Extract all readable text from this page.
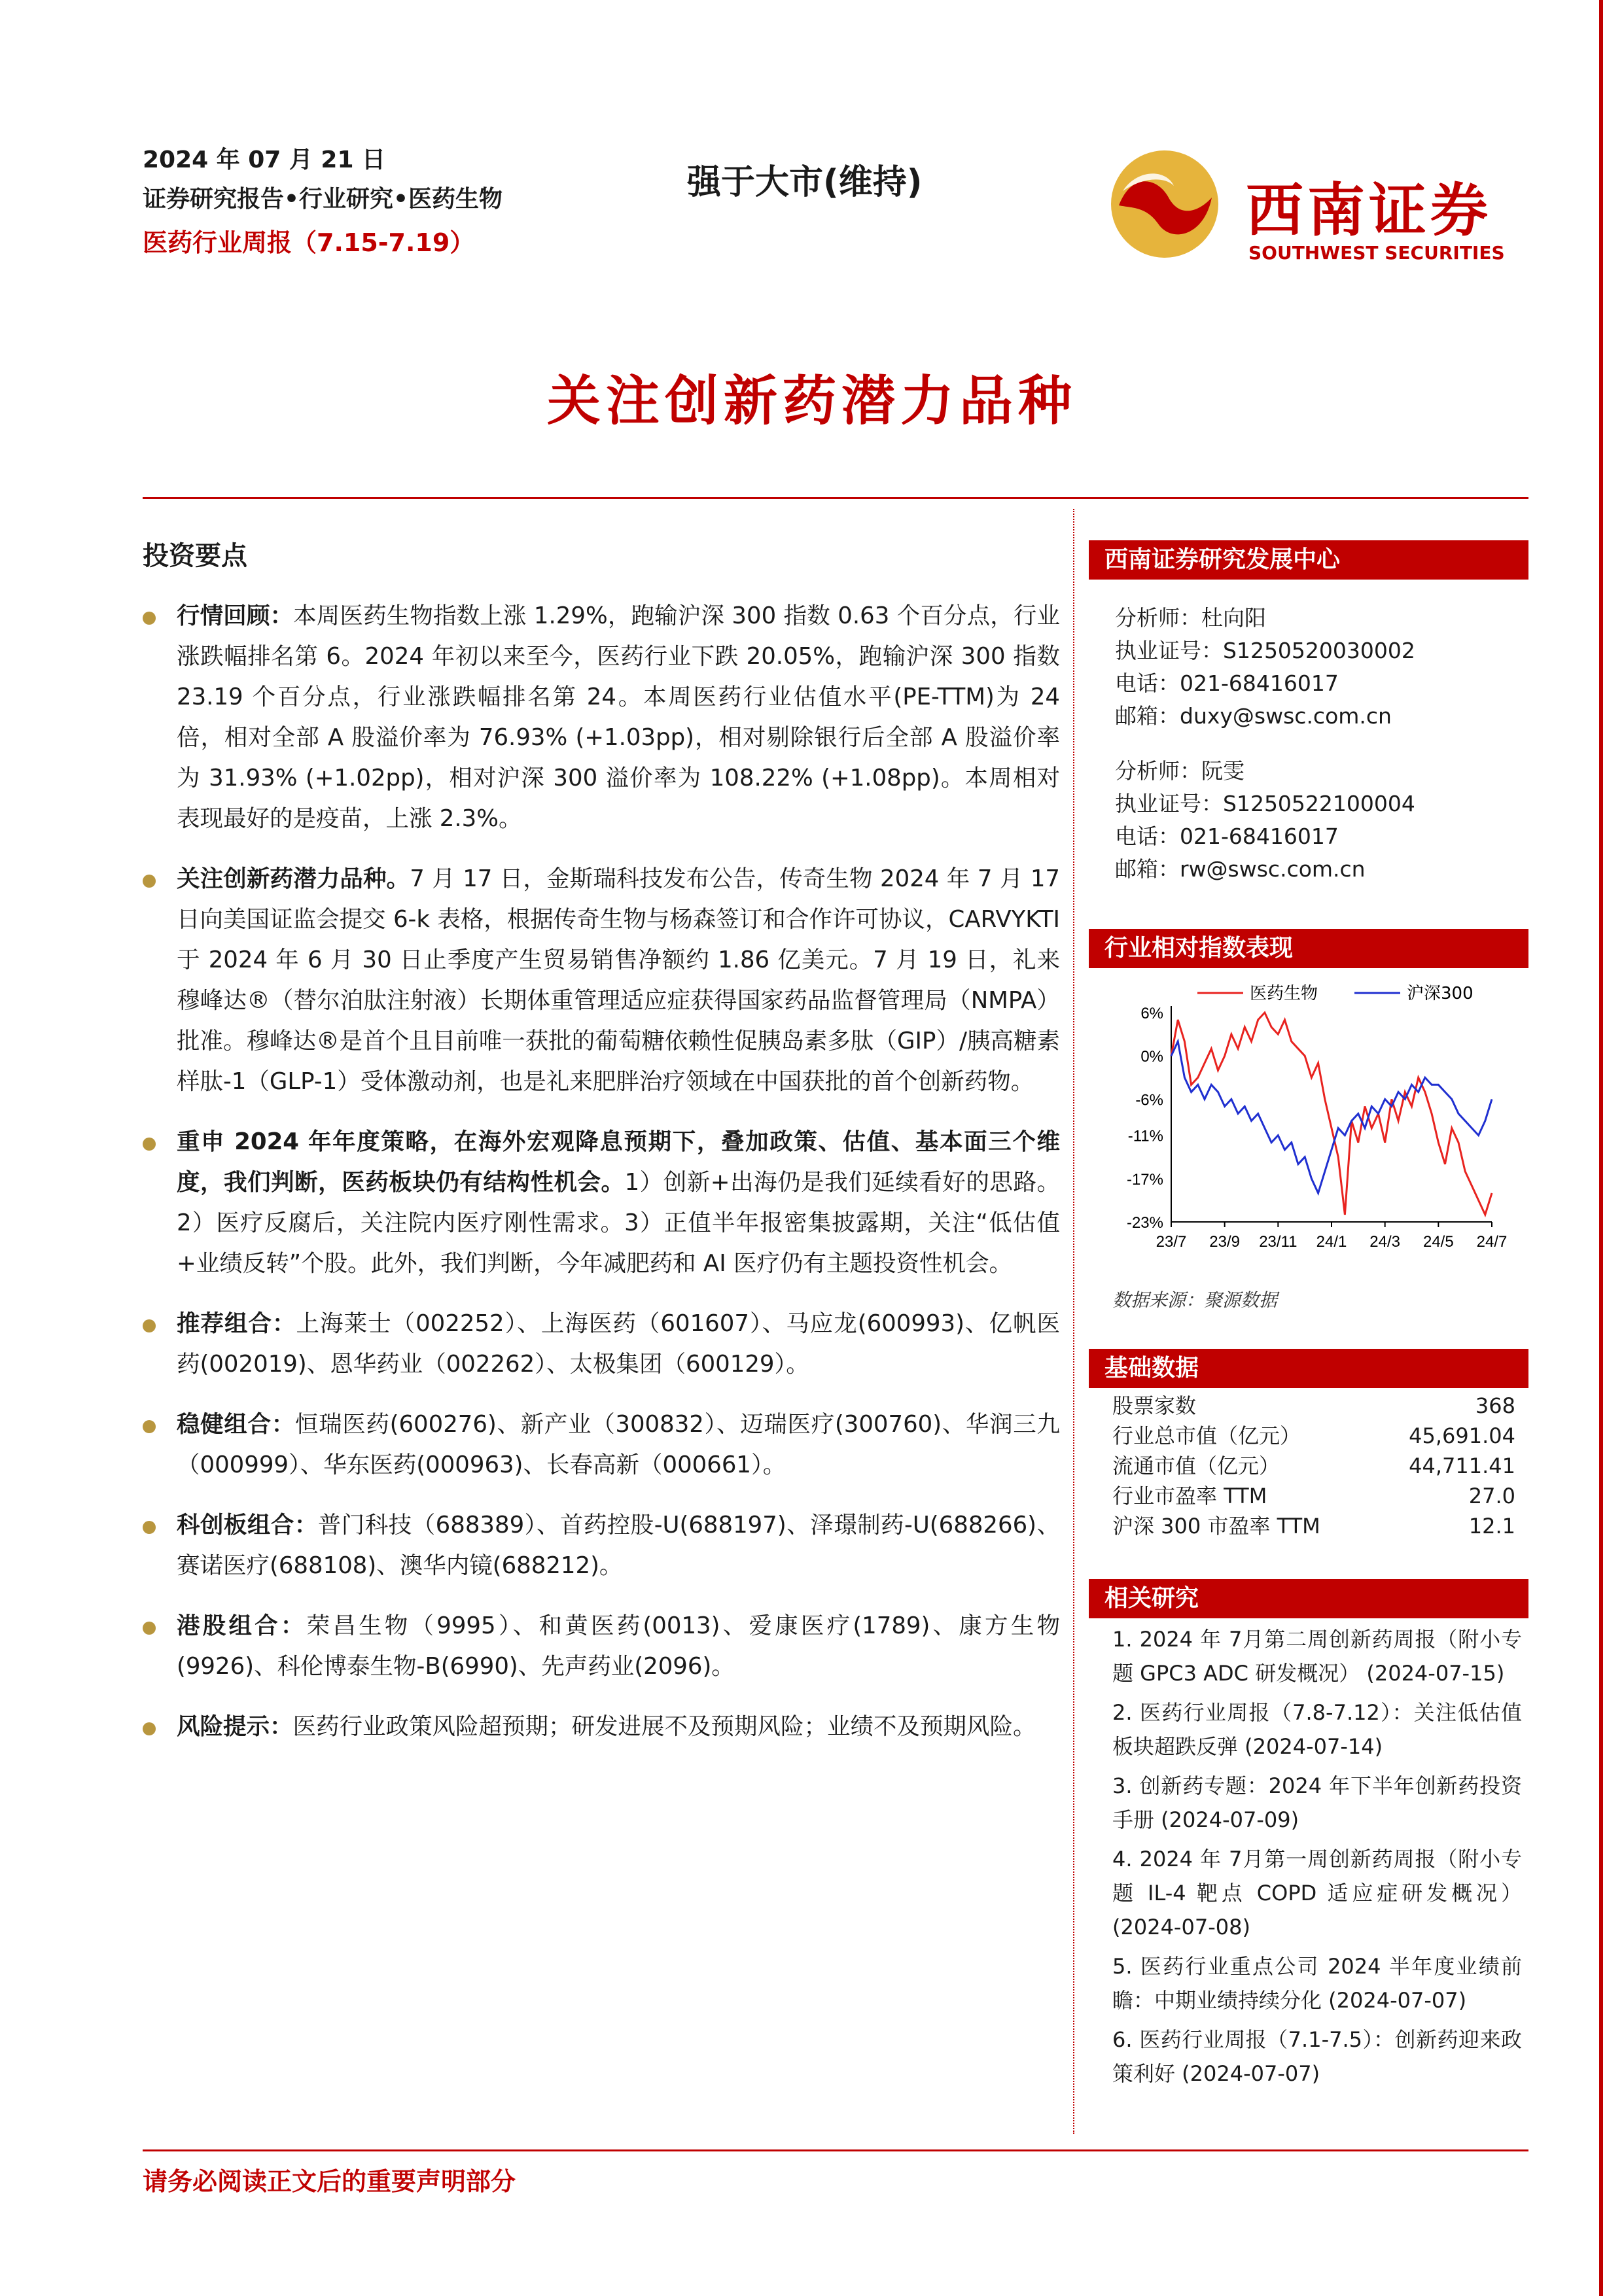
2024 年 07 月 21 日
证券研究报告•行业研究•医药生物
医药行业周报（7.15-7.19）
强于大市(维持)	西南证券
SOUTHWEST SECURITIES
关注创新药潜力品种
投资要点
行情回顾：本周医药生物指数上涨 1.29%，跑输沪深 300 指数 0.63 个百分点，行业涨跌幅排名第 6。2024 年初以来至今，医药行业下跌 20.05%，跑输沪深 300 指数 23.19 个百分点，行业涨跌幅排名第 24。本周医药行业估值水平(PE-TTM)为 24 倍，相对全部 A 股溢价率为 76.93% (+1.03pp)，相对剔除银行后全部 A 股溢价率为 31.93% (+1.02pp)，相对沪深 300 溢价率为 108.22% (+1.08pp)。本周相对表现最好的是疫苗，上涨 2.3%。
关注创新药潜力品种。7 月 17 日，金斯瑞科技发布公告，传奇生物 2024 年 7 月 17 日向美国证监会提交 6-k 表格，根据传奇生物与杨森签订和合作许可协议，CARVYKTI 于 2024 年 6 月 30 日止季度产生贸易销售净额约 1.86 亿美元。7 月 19 日，礼来穆峰达®（替尔泊肽注射液）长期体重管理适应症获得国家药品监督管理局（NMPA）批准。穆峰达®是首个且目前唯一获批的葡萄糖依赖性促胰岛素多肽（GIP）/胰高糖素样肽-1（GLP-1）受体激动剂，也是礼来肥胖治疗领域在中国获批的首个创新药物。
重申 2024 年年度策略，在海外宏观降息预期下，叠加政策、估值、基本面三个维度，我们判断，医药板块仍有结构性机会。1）创新+出海仍是我们延续看好的思路。2）医疗反腐后，关注院内医疗刚性需求。3）正值半年报密集披露期，关注“低估值+业绩反转”个股。此外，我们判断，今年减肥药和 AI 医疗仍有主题投资性机会。
推荐组合：上海莱士（002252）、上海医药（601607）、马应龙(600993)、亿帆医药(002019)、恩华药业（002262）、太极集团（600129）。
稳健组合：恒瑞医药(600276)、新产业（300832）、迈瑞医疗(300760)、华润三九（000999）、华东医药(000963)、长春高新（000661）。
科创板组合：普门科技（688389）、首药控股-U(688197)、泽璟制药-U(688266)、赛诺医疗(688108)、澳华内镜(688212)。
港股组合：荣昌生物（9995）、和黄医药(0013)、爱康医疗(1789)、康方生物(9926)、科伦博泰生物-B(6990)、先声药业(2096)。
风险提示：医药行业政策风险超预期；研发进展不及预期风险；业绩不及预期风险。
西南证券研究发展中心
分析师：杜向阳
执业证号：S1250520030002
电话：021-68416017
邮箱：duxy@swsc.com.cn
分析师：阮雯
执业证号：S1250522100004
电话：021-68416017
邮箱：rw@swsc.com.cn
行业相对指数表现
6%
0%
-6%
-11%
-17%
-23%
23/7 23/9 23/11 24/1 24/3 24/5 24/7
医药生物	沪深300
数据来源：聚源数据
基础数据
股票家数	368
行业总市值（亿元）	45,691.04
流通市值（亿元）	44,711.41
行业市盈率 TTM	27.0
沪深 300 市盈率 TTM	12.1
相关研究
1. 2024 年 7月第二周创新药周报（附小专题 GPC3 ADC 研发概况） (2024-07-15)
2. 医药行业周报（7.8-7.12）：关注低估值板块超跌反弹 (2024-07-14)
3. 创新药专题：2024 年下半年创新药投资手册 (2024-07-09)
4. 2024 年 7月第一周创新药周报（附小专题 IL-4 靶点 COPD 适应症研发概况） (2024-07-08)
5. 医药行业重点公司 2024 半年度业绩前瞻：中期业绩持续分化 (2024-07-07)
6. 医药行业周报（7.1-7.5）：创新药迎来政策利好 (2024-07-07)
请务必阅读正文后的重要声明部分
